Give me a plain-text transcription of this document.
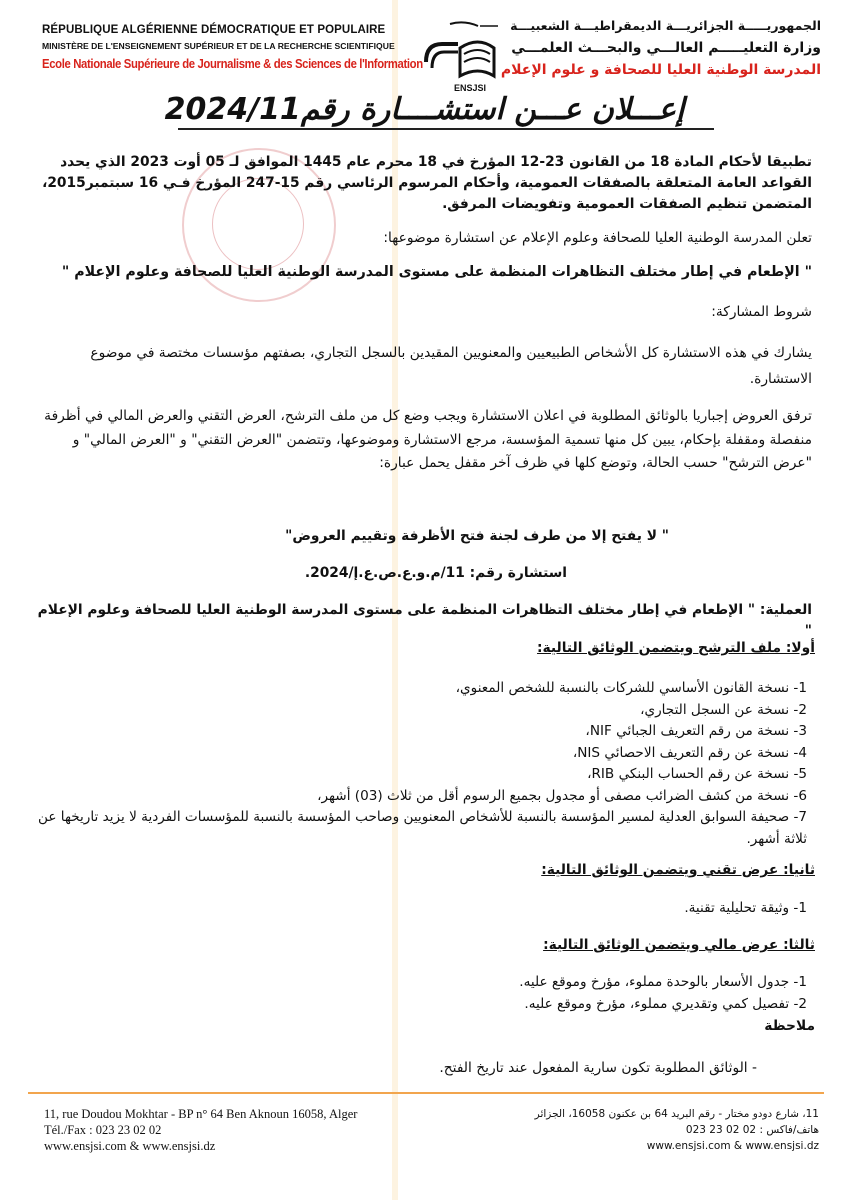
RÉPUBLIQUE ALGÉRIENNE DÉMOCRATIQUE ET POPULAIRE
MINISTÈRE DE L'ENSEIGNEMENT SUPÉRIEUR ET DE LA RECHERCHE SCIENTIFIQUE
Ecole Nationale Supérieure de Journalisme & des Sciences de l'Information
الجمهوريـــــة الجزائريـــة الديمقراطيـــة الشعبيـــة
وزارة التعليـــــم العالـــي والبحـــث العلمـــي
المدرسة الوطنية العليا للصحافة و علوم الإعلام
ENSJSI
إعـــلان عـــن استشــــارة رقم2024/11
تطبيقا لأحكام المادة 18 من القانون 23-12 المؤرخ في 18 محرم عام 1445 الموافق لـ 05 أوت 2023 الذي يحدد القواعد العامة المتعلقة بالصفقات العمومية، وأحكام المرسوم الرئاسي رقم 15-247 المؤرخ فـي 16 سبتمبر2015، المتضمن تنظيم الصفقات العمومية وتفويضات المرفق.
تعلن المدرسة الوطنية العليا للصحافة وعلوم الإعلام عن استشارة موضوعها:
" الإطعام في إطار مختلف التظاهرات المنظمة على مستوى المدرسة الوطنية العليا للصحافة وعلوم الإعلام "
شروط المشاركة:
يشارك في هذه الاستشارة كل الأشخاص الطبيعيين والمعنويين المقيدين بالسجل التجاري، بصفتهم مؤسسات مختصة في موضوع الاستشارة.
ترفق العروض إجباريا بالوثائق المطلوبة في اعلان الاستشارة ويجب وضع كل من ملف الترشح، العرض التقني والعرض المالي في أظرفة منفصلة ومقفلة بإحكام، يبين كل منها تسمية المؤسسة، مرجع الاستشارة وموضوعها، وتتضمن "العرض التقني" و "العرض المالي" و "عرض الترشح" حسب الحالة، وتوضع كلها في ظرف آخر مقفل يحمل عبارة:
" لا يفتح إلا من طرف لجنة فتح الأظرفة وتقييم العروض"
استشارة رقم: 11/م.و.ع.ص.ع.إ/2024.
العملية: " الإطعام في إطار مختلف التظاهرات المنظمة على مستوى المدرسة الوطنية العليا للصحافة وعلوم الإعلام "
أولا: ملف الترشح ويتضمن الوثائق التالية:
1- نسخة القانون الأساسي للشركات بالنسبة للشخص المعنوي،
2- نسخة عن السجل التجاري،
3- نسخة من رقم التعريف الجبائي NIF،
4- نسخة عن رقم التعريف الاحصائي NIS،
5- نسخة عن رقم الحساب البنكي RIB،
6- نسخة من كشف الضرائب مصفى أو مجدول بجميع الرسوم أقل من ثلاث (03) أشهر،
7- صحيفة السوابق العدلية لمسير المؤسسة بالنسبة للأشخاص المعنويين وصاحب المؤسسة بالنسبة للمؤسسات الفردية لا يزيد تاريخها عن ثلاثة أشهر.
ثانيا: عرض تقني ويتضمن الوثائق التالية:
1- وثيقة تحليلية تقنية.
ثالثا: عرض مالي ويتضمن الوثائق التالية:
1- جدول الأسعار بالوحدة مملوء، مؤرخ وموقع عليه.
2- تفصيل كمي وتقديري مملوء، مؤرخ وموقع عليه.
ملاحظة
- الوثائق المطلوبة تكون سارية المفعول عند تاريخ الفتح.
11, rue Doudou Mokhtar - BP n° 64 Ben Aknoun 16058, Alger
Tél./Fax : 023 23 02 02
www.ensjsi.com & www.ensjsi.dz
11، شارع دودو مختار - رقم البريد 64 بن عكنون 16058، الجزائر
هاتف/فاكس : 02 02 23 023
www.ensjsi.com & www.ensjsi.dz
